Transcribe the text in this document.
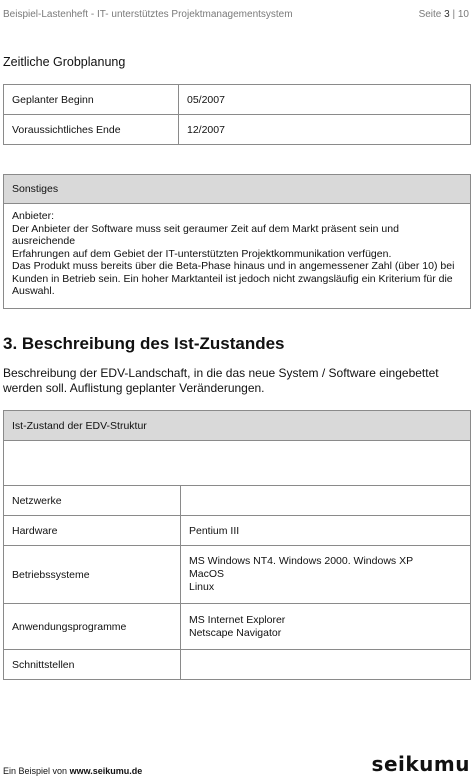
Beispiel-Lastenheft - IT- unterstütztes Projektmanagementsystem	Seite 3 | 10
Zeitliche Grobplanung
Geplanter Beginn	05/2007
Voraussichtliches Ende	12/2007
Sonstiges

Anbieter:
Der Anbieter der Software muss seit geraumer Zeit auf dem Markt präsent sein und ausreichende
Erfahrungen auf dem Gebiet der IT-unterstützten Projektkommunikation verfügen.
Das Produkt muss bereits über die Beta-Phase hinaus und in angemessener Zahl (über 10) bei
Kunden in Betrieb sein. Ein hoher Marktanteil ist jedoch nicht zwangsläufig ein Kriterium für die
Auswahl.
3. Beschreibung des Ist-Zustandes
Beschreibung der EDV-Landschaft, in die das neue System / Software eingebettet
werden soll. Auflistung geplanter Veränderungen.
Ist-Zustand der EDV-Struktur	

Netzwerke	
Hardware	Pentium III
Betriebssysteme	MS Windows NT4. Windows 2000. Windows XP
MacOS
Linux

Anwendungsprogramme	MS Internet Explorer
Netscape Navigator

Schnittstellen	
Ein Beispiel von www.seikumu.de	seikumu
